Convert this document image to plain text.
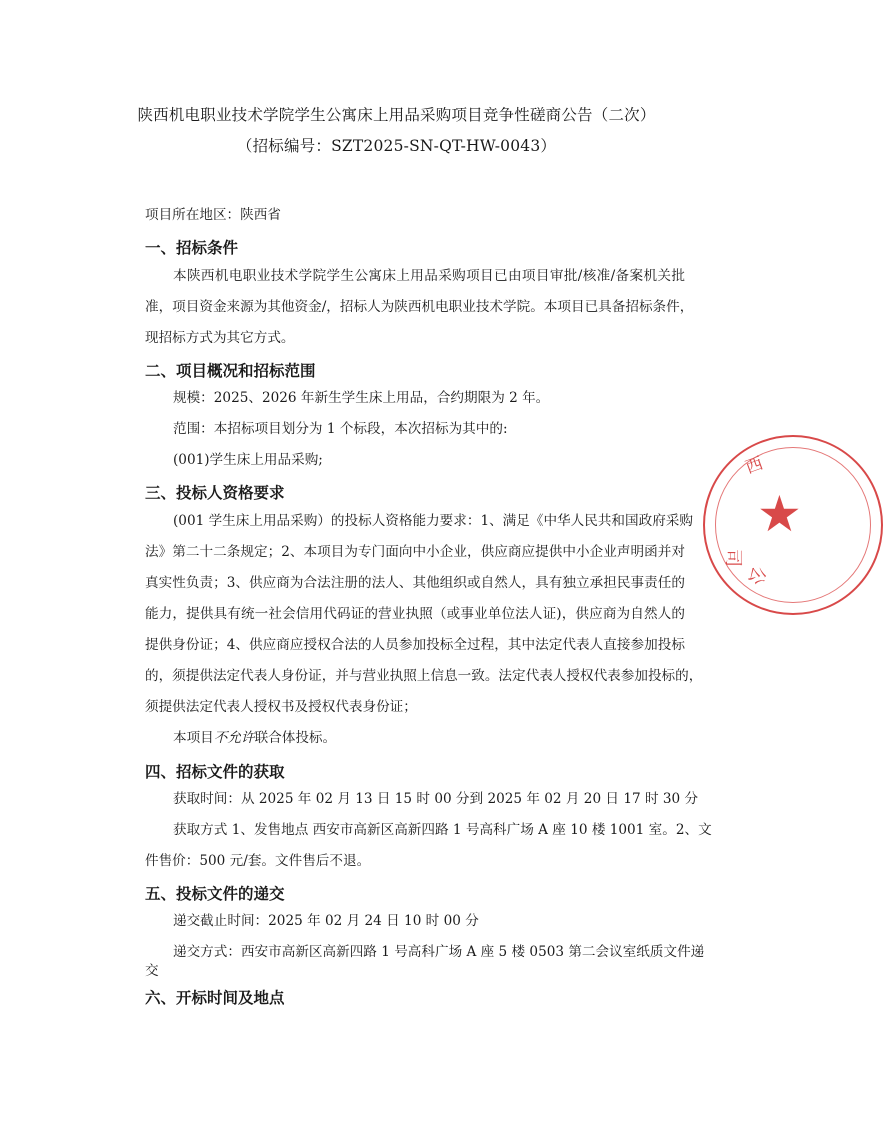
陕西机电职业技术学院学生公寓床上用品采购项目竞争性磋商公告（二次）
（招标编号：SZT2025-SN-QT-HW-0043）
项目所在地区：陕西省
一、招标条件
本陕西机电职业技术学院学生公寓床上用品采购项目已由项目审批/核准/备案机关批
准，项目资金来源为其他资金/，招标人为陕西机电职业技术学院。本项目已具备招标条件，
现招标方式为其它方式。
二、项目概况和招标范围
规模：2025、2026 年新生学生床上用品，合约期限为 2 年。
范围：本招标项目划分为 1 个标段，本次招标为其中的:
(001)学生床上用品采购;
三、投标人资格要求
(001 学生床上用品采购）的投标人资格能力要求：1、满足《中华人民共和国政府采购
法》第二十二条规定；2、本项目为专门面向中小企业，供应商应提供中小企业声明函并对
真实性负责；3、供应商为合法注册的法人、其他组织或自然人，具有独立承担民事责任的
能力，提供具有统一社会信用代码证的营业执照（或事业单位法人证)，供应商为自然人的
提供身份证；4、供应商应授权合法的人员参加投标全过程，其中法定代表人直接参加投标
的，须提供法定代表人身份证，并与营业执照上信息一致。法定代表人授权代表参加投标的，
须提供法定代表人授权书及授权代表身份证；
本项目不允许联合体投标。
四、招标文件的获取
获取时间：从 2025 年 02 月 13 日 15 时 00 分到 2025 年 02 月 20 日 17 时 30 分
获取方式 1、发售地点 西安市高新区高新四路 1 号高科广场 A 座 10 楼 1001 室。2、文
件售价：500 元/套。文件售后不退。
五、投标文件的递交
递交截止时间：2025 年 02 月 24 日 10 时 00 分
递交方式：西安市高新区高新四路 1 号高科广场 A 座 5 楼 0503 第二会议室纸质文件递
交
六、开标时间及地点
西
★
司
公
